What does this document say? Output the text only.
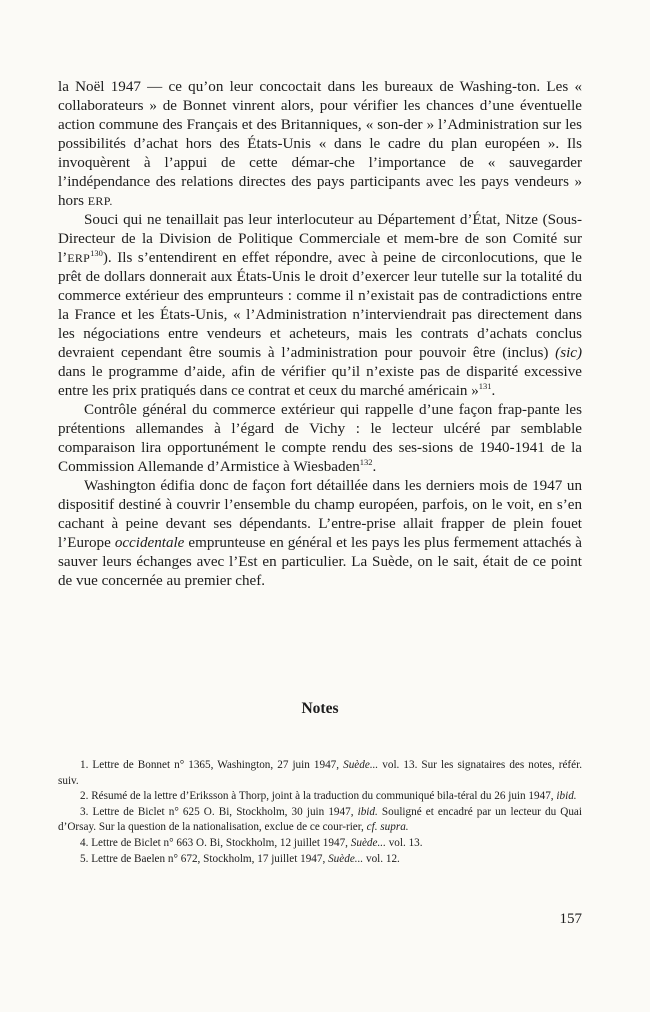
la Noël 1947 — ce qu’on leur concoctait dans les bureaux de Washing-ton. Les « collaborateurs » de Bonnet vinrent alors, pour vérifier les chances d’une éventuelle action commune des Français et des Britanniques, « son-der » l’Administration sur les possibilités d’achat hors des États-Unis « dans le cadre du plan européen ». Ils invoquèrent à l’appui de cette démar-che l’importance de « sauvegarder l’indépendance des relations directes des pays participants avec les pays vendeurs » hors ERP.

Souci qui ne tenaillait pas leur interlocuteur au Département d’État, Nitze (Sous-Directeur de la Division de Politique Commerciale et mem-bre de son Comité sur l’ERP$^{130}$). Ils s’entendirent en effet répondre, avec à peine de circonlocutions, que le prêt de dollars donnerait aux États-Unis le droit d’exercer leur tutelle sur la totalité du commerce extérieur des emprunteurs : comme il n’existait pas de contradictions entre la France et les États-Unis, « l’Administration n’interviendrait pas directement dans les négociations entre vendeurs et acheteurs, mais les contrats d’achats conclus devraient cependant être soumis à l’administration pour pouvoir être (inclus) (sic) dans le programme d’aide, afin de vérifier qu’il n’existe pas de disparité excessive entre les prix pratiqués dans ce contrat et ceux du marché américain »$^{131}$.

Contrôle général du commerce extérieur qui rappelle d’une façon frap-pante les prétentions allemandes à l’égard de Vichy : le lecteur ulcéré par semblable comparaison lira opportunément le compte rendu des ses-sions de 1940-1941 de la Commission Allemande d’Armistice à Wiesbaden$^{132}$.

Washington édifia donc de façon fort détaillée dans les derniers mois de 1947 un dispositif destiné à couvrir l’ensemble du champ européen, parfois, on le voit, en s’en cachant à peine devant ses dépendants. L’entre-prise allait frapper de plein fouet l’Europe occidentale emprunteuse en général et les pays les plus fermement attachés à sauver leurs échanges avec l’Est en particulier. La Suède, on le sait, était de ce point de vue concernée au premier chef.

Notes

1. Lettre de Bonnet n° 1365, Washington, 27 juin 1947, Suède... vol. 13. Sur les signataires des notes, référ. suiv.

2. Résumé de la lettre d’Eriksson à Thorp, joint à la traduction du communiqué bila-téral du 26 juin 1947, ibid.

3. Lettre de Biclet n° 625 O. Bi, Stockholm, 30 juin 1947, ibid. Souligné et encadré par un lecteur du Quai d’Orsay. Sur la question de la nationalisation, exclue de ce cour-rier, cf. supra.

4. Lettre de Biclet n° 663 O. Bi, Stockholm, 12 juillet 1947, Suède... vol. 13.

5. Lettre de Baelen n° 672, Stockholm, 17 juillet 1947, Suède... vol. 12.

157
